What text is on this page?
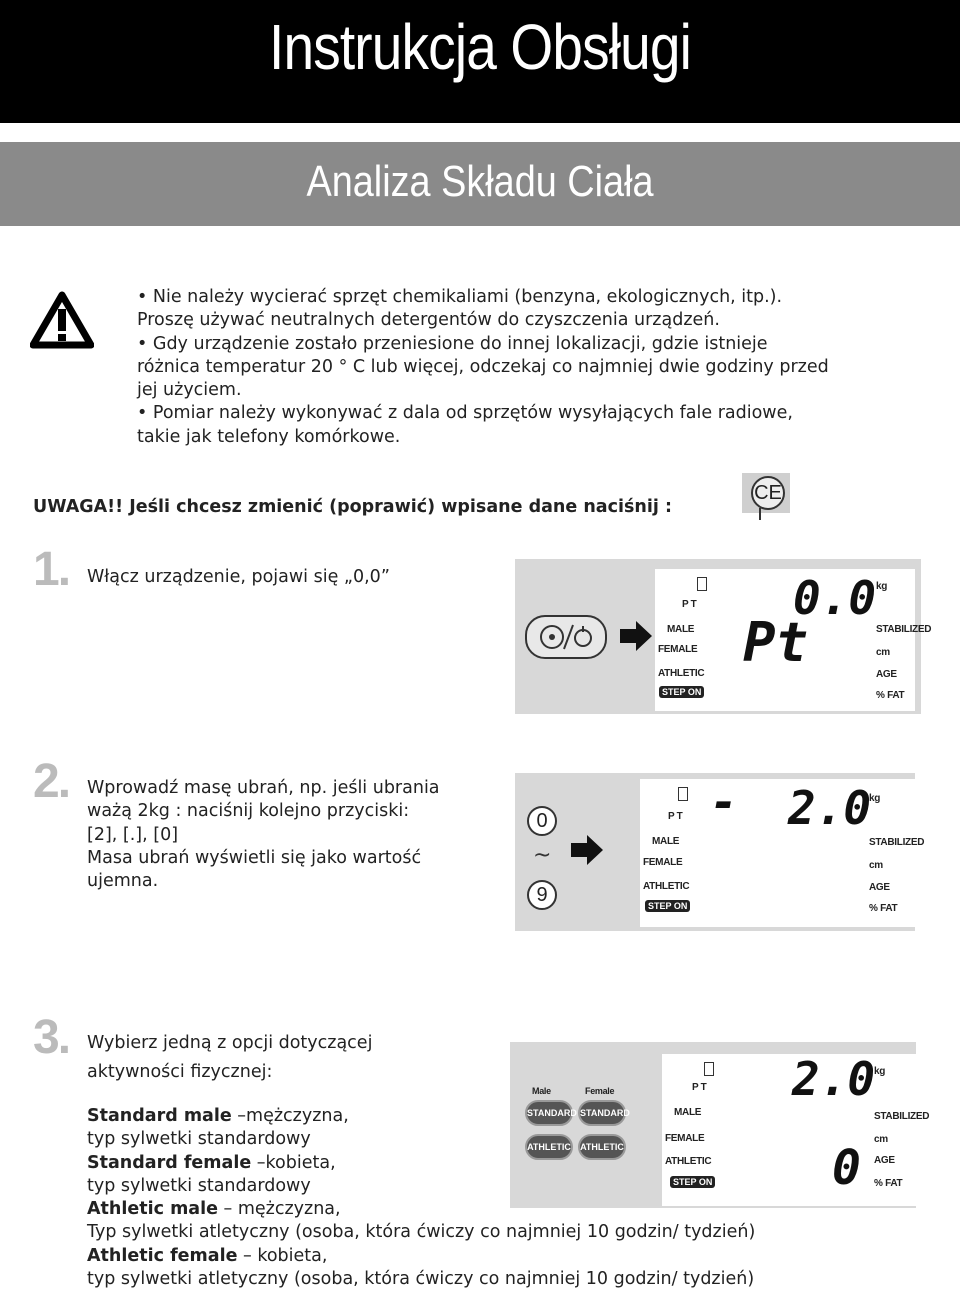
Instrukcja Obsługi
Analiza Składu Ciała
• Nie należy wycierać sprzęt chemikaliami (benzyna, ekologicznych, itp.).
Proszę używać neutralnych detergentów do czyszczenia urządzeń.
• Gdy urządzenie zostało przeniesione do innej lokalizacji, gdzie istnieje
różnica temperatur 20 ° C lub więcej, odczekaj co najmniej dwie godziny przed
jej użyciem.
• Pomiar należy wykonywać z dala od sprzętów wysyłających fale radiowe,
takie jak telefony komórkowe.
UWAGA!! Jeśli chcesz zmienić (poprawić) wpisane dane naciśnij :
CE
1. Włącz urządzenie, pojawi się „0,0”
P T
MALE
FEMALE
ATHLETIC
STEP ON
0.0
Pt
kg
STABILIZED
cm
AGE
% FAT
2. Wprowadź masę ubrań, np. jeśli ubrania
ważą 2kg : naciśnij kolejno przyciski:
[2], [.], [0]
Masa ubrań wyświetli się jako wartość
ujemna.
0
~
9
P T
MALE
FEMALE
ATHLETIC
STEP ON
- 2.0
kg
STABILIZED
cm
AGE
% FAT
3. Wybierz jedną z opcji dotyczącej
aktywności fizycznej:
Male	Female
STANDARD STANDARD
ATHLETIC ATHLETIC
P T
MALE
FEMALE
ATHLETIC
STEP ON
2.0
0
kg
STABILIZED
cm
AGE
% FAT
Standard male –mężczyzna,
typ sylwetki standardowy
Standard female –kobieta,
typ sylwetki standardowy
Athletic male – mężczyzna,
Typ sylwetki atletyczny (osoba, która ćwiczy co najmniej 10 godzin/ tydzień)
Athletic female – kobieta,
typ sylwetki atletyczny (osoba, która ćwiczy co najmniej 10 godzin/ tydzień)
